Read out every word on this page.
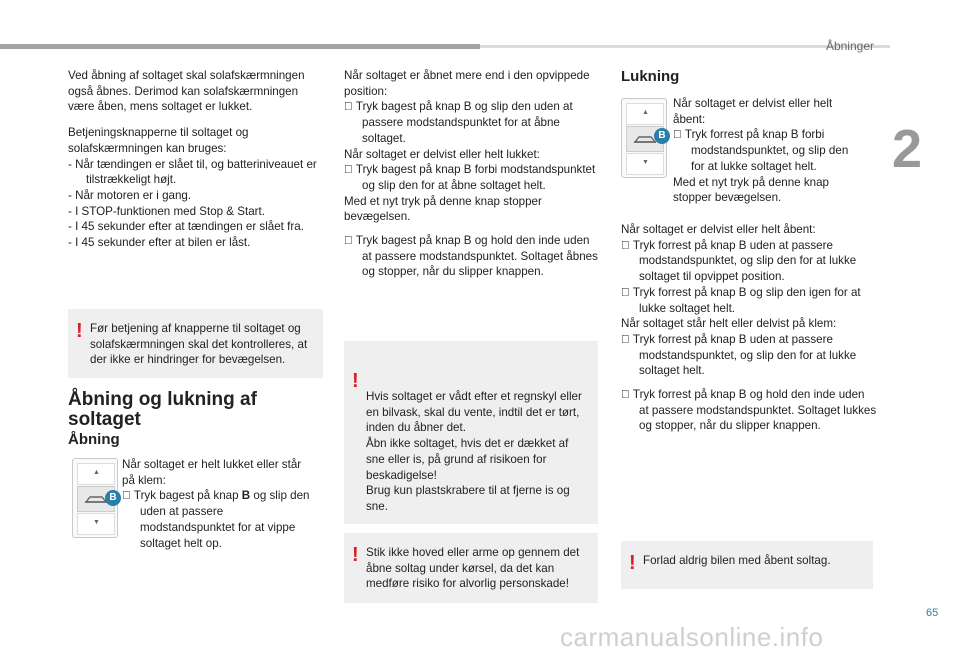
Åbninger
2

Ved åbning af soltaget skal solafskærmningen også åbnes. Derimod kan solafskærmningen være åben, mens soltaget er lukket.

Betjeningsknapperne til soltaget og solafskærmningen kan bruges:

- Når tændingen er slået til, og batteriniveauet er tilstrækkeligt højt.

- Når motoren er i gang.

- I STOP-funktionen med Stop & Start.

- I 45 sekunder efter at tændingen er slået fra.

- I 45 sekunder efter at bilen er låst.

! Før betjening af knapperne til soltaget og solafskærmningen skal det kontrolleres, at der ikke er hindringer for bevægelsen.

Åbning og lukning af soltaget
Åbning
▲
▼
B

Når soltaget er helt lukket eller står på klem:

Tryk bagest på knap B og slip den uden at passere modstandspunktet for at vippe soltaget helt op.

Når soltaget er åbnet mere end i den opvippede position:

Tryk bagest på knap B og slip den uden at passere modstandspunktet for at åbne soltaget.

Når soltaget er delvist eller helt lukket:

Tryk bagest på knap B forbi modstandspunktet og slip den for at åbne soltaget helt.

Med et nyt tryk på denne knap stopper bevægelsen.

Tryk bagest på knap B og hold den inde uden at passere modstandspunktet. Soltaget åbnes og stopper, når du slipper knappen.

!

Hvis soltaget er vådt efter et regnskyl eller en bilvask, skal du vente, indtil det er tørt, inden du åbner det.
Åbn ikke soltaget, hvis det er dækket af sne eller is, på grund af risikoen for beskadigelse!
Brug kun plastskrabere til at fjerne is og sne.

! Stik ikke hoved eller arme op gennem det åbne soltag under kørsel, da det kan medføre risiko for alvorlig personskade!

Lukning
▲
▼
B

Når soltaget er delvist eller helt åbent:

Tryk forrest på knap B forbi modstandspunktet, og slip den for at lukke soltaget helt.

Med et nyt tryk på denne knap stopper bevægelsen.

Når soltaget er delvist eller helt åbent:

Tryk forrest på knap B uden at passere modstandspunktet, og slip den for at lukke soltaget til opvippet position.

Tryk forrest på knap B og slip den igen for at lukke soltaget helt.

Når soltaget står helt eller delvist på klem:

Tryk forrest på knap B uden at passere modstandspunktet, og slip den for at lukke soltaget helt.

Tryk forrest på knap B og hold den inde uden at passere modstandspunktet. Soltaget lukkes og stopper, når du slipper knappen.

! Forlad aldrig bilen med åbent soltag.

65
carmanualsonline.info
